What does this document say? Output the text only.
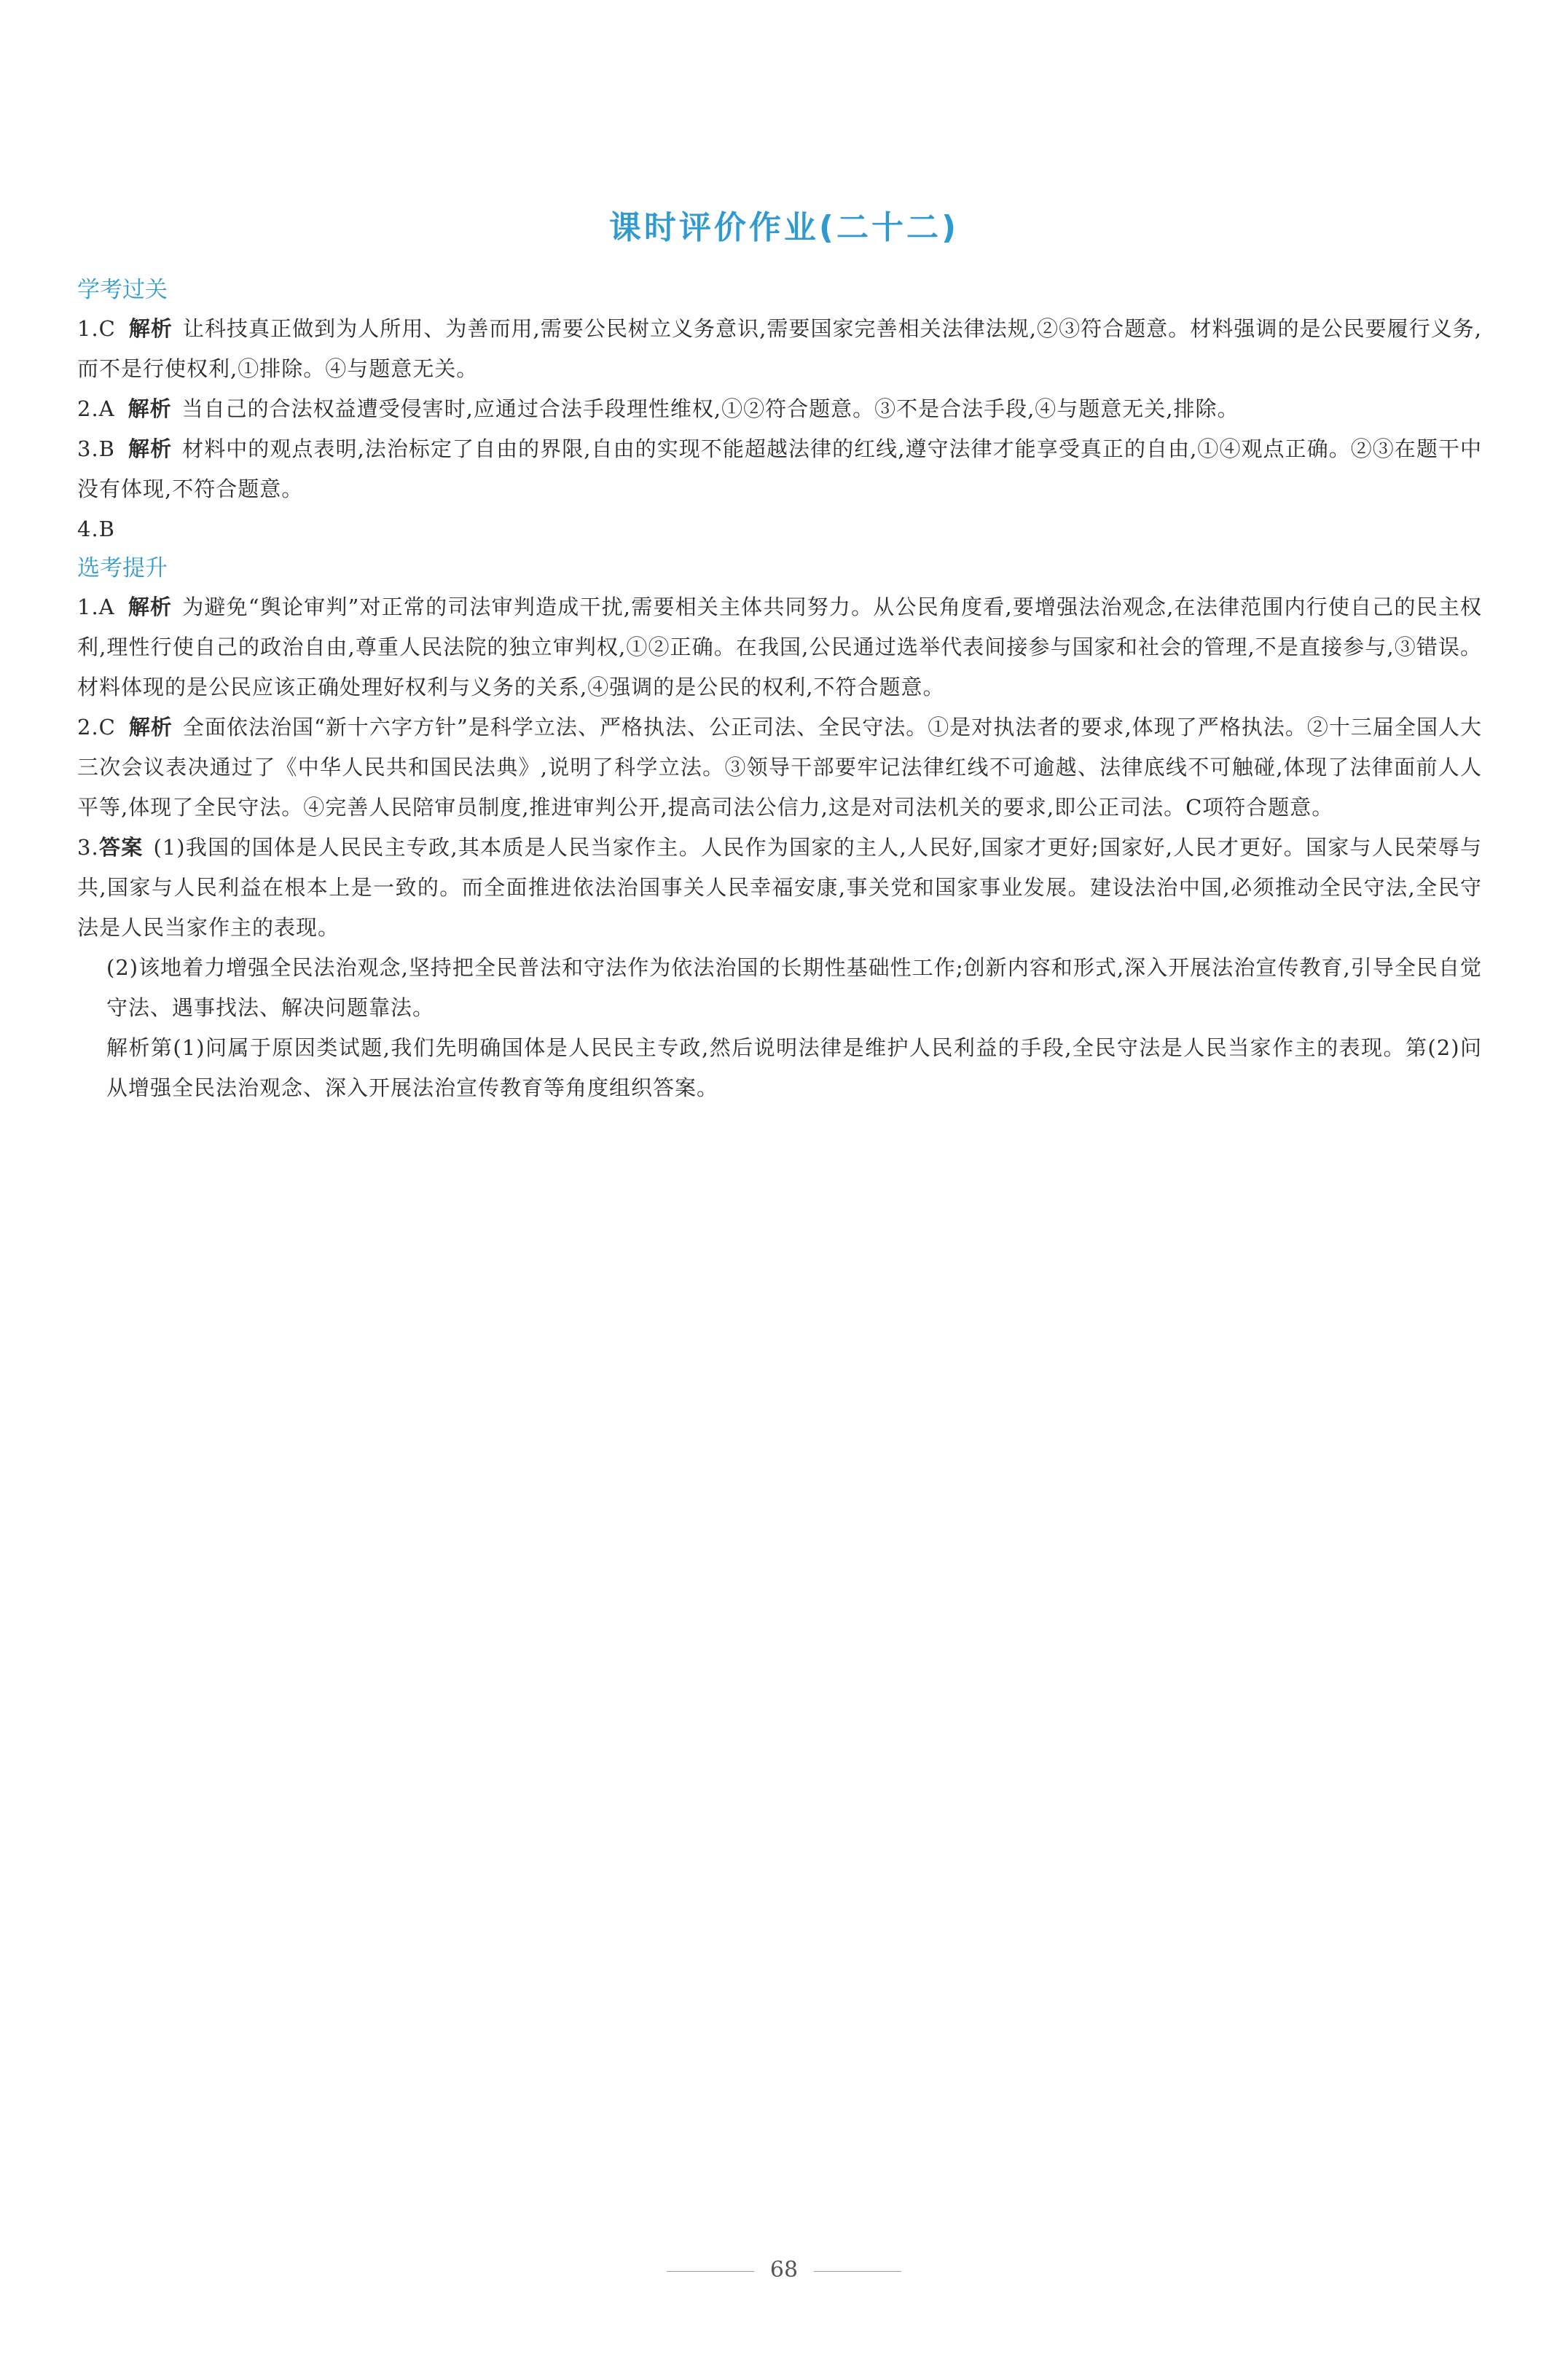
课时评价作业(二十二)
学考过关

1.C 解析 让科技真正做到为人所用、为善而用,需要公民树立义务意识,需要国家完善相关法律法规,②③符合题意。材料强调的是公民要履行义务,而不是行使权利,①排除。④与题意无关。

2.A 解析 当自己的合法权益遭受侵害时,应通过合法手段理性维权,①②符合题意。③不是合法手段,④与题意无关,排除。

3.B 解析 材料中的观点表明,法治标定了自由的界限,自由的实现不能超越法律的红线,遵守法律才能享受真正的自由,①④观点正确。②③在题干中没有体现,不符合题意。

4.B

选考提升

1.A 解析 为避免“舆论审判”对正常的司法审判造成干扰,需要相关主体共同努力。从公民角度看,要增强法治观念,在法律范围内行使自己的民主权利,理性行使自己的政治自由,尊重人民法院的独立审判权,①②正确。在我国,公民通过选举代表间接参与国家和社会的管理,不是直接参与,③错误。材料体现的是公民应该正确处理好权利与义务的关系,④强调的是公民的权利,不符合题意。

2.C 解析 全面依法治国“新十六字方针”是科学立法、严格执法、公正司法、全民守法。①是对执法者的要求,体现了严格执法。②十三届全国人大三次会议表决通过了《中华人民共和国民法典》,说明了科学立法。③领导干部要牢记法律红线不可逾越、法律底线不可触碰,体现了法律面前人人平等,体现了全民守法。④完善人民陪审员制度,推进审判公开,提高司法公信力,这是对司法机关的要求,即公正司法。C项符合题意。

3.答案 (1)我国的国体是人民民主专政,其本质是人民当家作主。人民作为国家的主人,人民好,国家才更好;国家好,人民才更好。国家与人民荣辱与共,国家与人民利益在根本上是一致的。而全面推进依法治国事关人民幸福安康,事关党和国家事业发展。建设法治中国,必须推动全民守法,全民守法是人民当家作主的表现。

(2)该地着力增强全民法治观念,坚持把全民普法和守法作为依法治国的长期性基础性工作;创新内容和形式,深入开展法治宣传教育,引导全民自觉守法、遇事找法、解决问题靠法。

解析第(1)问属于原因类试题,我们先明确国体是人民民主专政,然后说明法律是维护人民利益的手段,全民守法是人民当家作主的表现。第(2)问从增强全民法治观念、深入开展法治宣传教育等角度组织答案。

68
